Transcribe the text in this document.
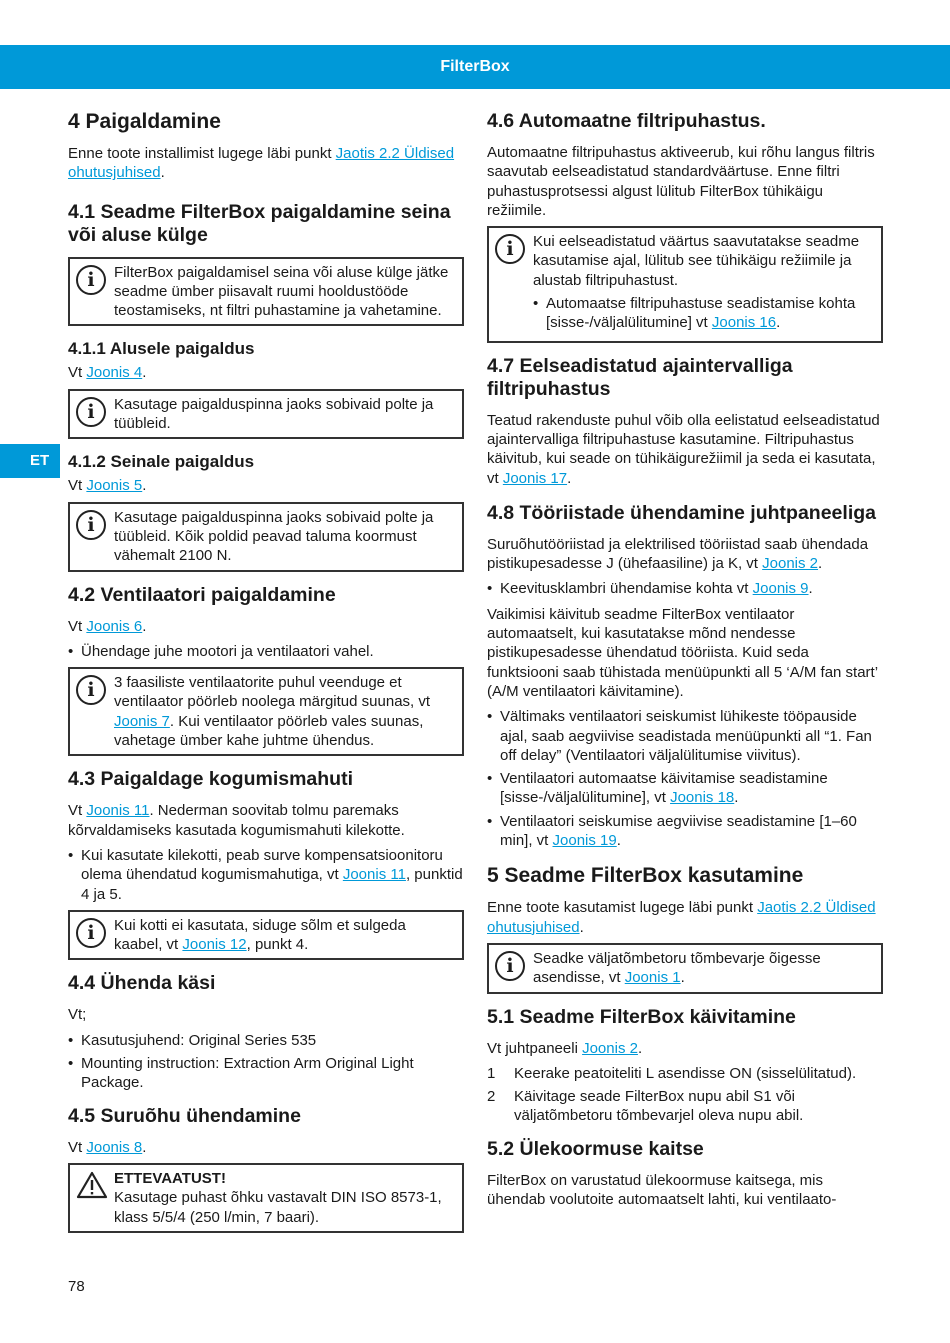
FilterBox
ET
4 Paigaldamine

Enne toote installimist lugege läbi punkt Jaotis 2.2 Üldised ohutusjuhised.

4.1 Seadme FilterBox paigaldamine seina või aluse külge
i	FilterBox paigaldamisel seina või aluse külge jätke seadme ümber piisavalt ruumi hooldustööde teostamiseks, nt filtri puhastamine ja vahetamine.
4.1.1 Alusele paigaldus

Vt Joonis 4.

i	Kasutage paigalduspinna jaoks sobivaid polte ja tüübleid.
4.1.2 Seinale paigaldus

Vt Joonis 5.

i	Kasutage paigalduspinna jaoks sobivaid polte ja tüübleid. Kõik poldid peavad taluma koormust vähemalt 2100 N.
4.2 Ventilaatori paigaldamine

Vt Joonis 6.

• Ühendage juhe mootori ja ventilaatori vahel.
i	3 faasiliste ventilaatorite puhul veenduge et ventilaator pöörleb noolega märgitud suunas, vt Joonis 7. Kui ventilaator pöörleb vales suunas, vahetage ümber kahe juhtme ühendus.
4.3 Paigaldage kogumismahuti

Vt Joonis 11. Nederman soovitab tolmu paremaks kõrvaldamiseks kasutada kogumismahuti kilekotte.

• Kui kasutate kilekotti, peab surve kompensatsioonitoru olema ühendatud kogumismahutiga, vt Joonis 11, punktid 4 ja 5.
i	Kui kotti ei kasutata, siduge sõlm et sulgeda kaabel, vt Joonis 12, punkt 4.
4.4 Ühenda käsi

Vt;

• Kasutusjuhend: Original Series 535
• Mounting instruction: Extraction Arm Original Light Package.
4.5 Suruõhu ühendamine

Vt Joonis 8.

ETTEVAATUST!
Kasutage puhast õhku vastavalt DIN ISO 8573-1, klass 5/5/4 (250 l/min, 7 baari).
4.6 Automaatne filtripuhastus.

Automaatne filtripuhastus aktiveerub, kui rõhu langus filtris saavutab eelseadistatud standardväärtuse. Enne filtri puhastusprotsessi algust lülitub FilterBox tühikäigu režiimile.

i	Kui eelseadistatud väärtus saavutatakse seadme kasutamise ajal, lülitub see tühikäigu režiimile ja alustab filtripuhastust.
• Automaatse filtripuhastuse seadistamise kohta [sisse-/väljalülitumine] vt Joonis 16.
4.7 Eelseadistatud ajaintervalliga filtripuhastus

Teatud rakenduste puhul võib olla eelistatud eelseadistatud ajaintervalliga filtripuhastuse kasutamine. Filtripuhastus käivitub, kui seade on tühikäigurežiimil ja seda ei kasutata, vt Joonis 17.

4.8 Tööriistade ühendamine juhtpaneeliga

Suruõhutööriistad ja elektrilised tööriistad saab ühendada pistikupesadesse J (ühefaasiline) ja K, vt Joonis 2.

• Keevitusklambri ühendamise kohta vt Joonis 9.

Vaikimisi käivitub seadme FilterBox ventilaator automaatselt, kui kasutatakse mõnd nendesse pistikupesadesse ühendatud tööriista. Kuid seda funktsiooni saab tühistada menüüpunkti all 5 ‘A/M fan start’ (A/M ventilaatori käivitamine).

• Vältimaks ventilaatori seiskumist lühikeste tööpauside ajal, saab aegviivise seadistada menüüpunkti all “1. Fan off delay” (Ventilaatori väljalülitumise viivitus).
• Ventilaatori automaatse käivitamise seadistamine [sisse-/väljalülitumine], vt Joonis 18.
• Ventilaatori seiskumise aegviivise seadistamine [1–60 min], vt Joonis 19.
5 Seadme FilterBox kasutamine

Enne toote kasutamist lugege läbi punkt Jaotis 2.2 Üldised ohutusjuhised.

i	Seadke väljatõmbetoru tõmbevarje õigesse asendisse, vt Joonis 1.
5.1 Seadme FilterBox käivitamine

Vt juhtpaneeli Joonis 2.

1 Keerake peatoiteliti L asendisse ON (sisselülitatud).
2 Käivitage seade FilterBox nupu abil S1 või väljatõmbetoru tõmbevarjel oleva nupu abil.
5.2 Ülekoormuse kaitse

FilterBox on varustatud ülekoormuse kaitsega, mis ühendab voolutoite automaatselt lahti, kui ventilaato-

78
